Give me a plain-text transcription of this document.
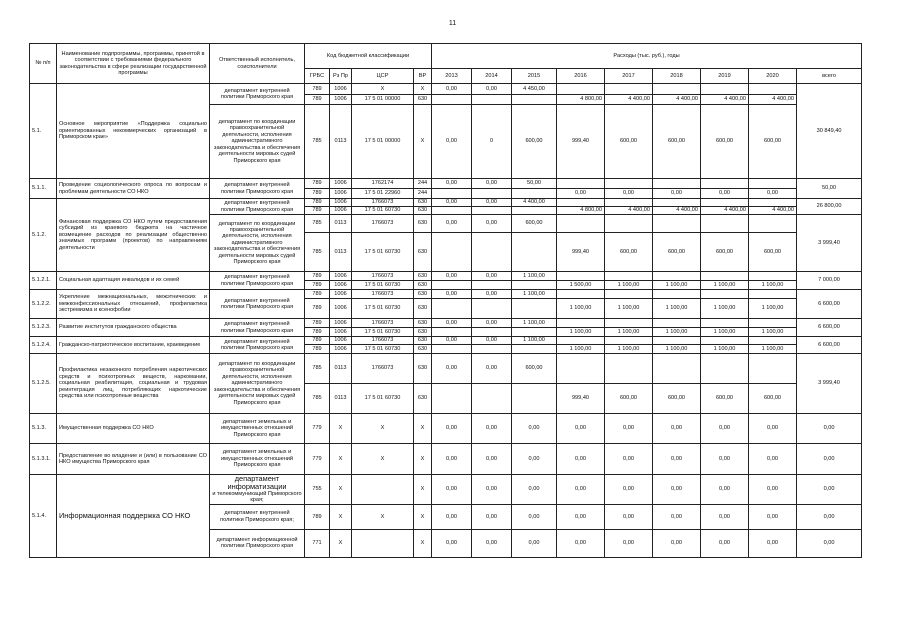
11
№ п/п	Наименование подпрограммы, программы, принятой в соответствии с требованиями федерального законодательства в сфере реализации государственной программы	Ответственный исполнитель, соисполнители	Код бюджетной классификации				Расходы (тыс. руб.), годы								
			ГРБС	Рз Пр	ЦСР	ВР	2013	2014	2015	2016	2017	2018	2019	2020	всего
5.1.	Основное мероприятие «Поддержка социально ориентированных некоммерческих организаций в Приморском крае»	департамент внутренней политики Приморского края	789	1006	X	X	0,00	0,00	4 450,00						30 849,40
			789	1006	17 5 01 00000	630				4 800,00	4 400,00	4 400,00	4 400,00	4 400,00	
		департамент по координации правоохранительной деятельности, исполнения административного законодательства и обеспечения деятельности мировых судей Приморского края	785	0113	17 5 01 00000	X	0,00	0	600,00	999,40	600,00	600,00	600,00	600,00	
5.1.1.	Проведение социологического опроса по вопросам и проблемам деятельности СО НКО	департамент внутренней политики Приморского края	789	1006	1762174	244	0,00	0,00	50,00						50,00
			789	1006	17 5 01 22960	244				0,00	0,00	0,00	0,00	0,00	
5.1.2.	Финансовая поддержка СО НКО путем предоставления субсидий из краевого бюджета на частичное возмещение расходов по реализации общественно значимых программ (проектов) по направлениям деятельности	департамент внутренней политики Приморского края	789	1006	1766073	630	0,00	0,00	4 400,00						26 800,00
			789	1006	17 5 01 60730	630				4 800,00	4 400,00	4 400,00	4 400,00	4 400,00	
		департамент по координации правоохранительной деятельности, исполнения административного законодательства и обеспечения деятельности мировых судей Приморского края	785	0113	1766073	630	0,00	0,00	600,00						3 999,40
			785	0113	17 5 01 60730	630				999,40	600,00	600,00	600,00	600,00	
5.1.2.1.	Социальная адаптация инвалидов и их семей	департамент внутренней политики Приморского края	789	1006	1766073	630	0,00	0,00	1 100,00						7 000,00
			789	1006	17 5 01 60730	630				1 500,00	1 100,00	1 100,00	1 100,00	1 100,00	
5.1.2.2.	Укрепление межнациональных, межэтнических и межконфессиональных отношений, профилактика экстремизма и ксенофобии	департамент внутренней политики Приморского края	789	1006	1766073	630	0,00	0,00	1 100,00						6 600,00
			789	1006	17 5 01 60730	630				1 100,00	1 100,00	1 100,00	1 100,00	1 100,00	
5.1.2.3.	Развитие институтов гражданского общества	департамент внутренней политики Приморского края	789	1006	1766073	630	0,00	0,00	1 100,00						6 600,00
			789	1006	17 5 01 60730	630				1 100,00	1 100,00	1 100,00	1 100,00	1 100,00	
5.1.2.4.	Гражданско-патриотическое воспитание, краеведение	департамент внутренней политики Приморского края	789	1006	1766073	630	0,00	0,00	1 100,00						6 600,00
			789	1006	17 5 01 60730	630				1 100,00	1 100,00	1 100,00	1 100,00	1 100,00	
5.1.2.5.	Профилактика незаконного потребления наркотических средств и психотропных веществ, наркомании, социальная реабилитация, социальная и трудовая реинтеграция лиц, потребляющих наркотические средства или психотропные вещества	департамент по координации правоохранительной деятельности, исполнения административного законодательства и обеспечения деятельности мировых судей Приморского края	785	0113	1766073	630	0,00	0,00	600,00						3 999,40
			785	0113	17 5 01 60730	630				999,40	600,00	600,00	600,00	600,00	
5.1.3.	Имущественная поддержка СО НКО	департамент земельных и имущественных отношений Приморского края	779	X	X	X	0,00	0,00	0,00	0,00	0,00	0,00	0,00	0,00	0,00
5.1.3.1.	Предоставление во владение и (или) в пользование СО НКО имущества Приморского края	департамент земельных и имущественных отношений Приморского края	779	X	X	X	0,00	0,00	0,00	0,00	0,00	0,00	0,00	0,00	0,00
5.1.4.	Информационная поддержка СО НКО	департамент информатизации
и телекоммуникаций Приморского края;	755	X		X	0,00	0,00	0,00	0,00	0,00	0,00	0,00	0,00	0,00
		департамент внутренней политики Приморского края;	789	X	X	X	0,00	0,00	0,00	0,00	0,00	0,00	0,00	0,00	0,00
		департамент информационной политики Приморского края	771	X		X	0,00	0,00	0,00	0,00	0,00	0,00	0,00	0,00	0,00
